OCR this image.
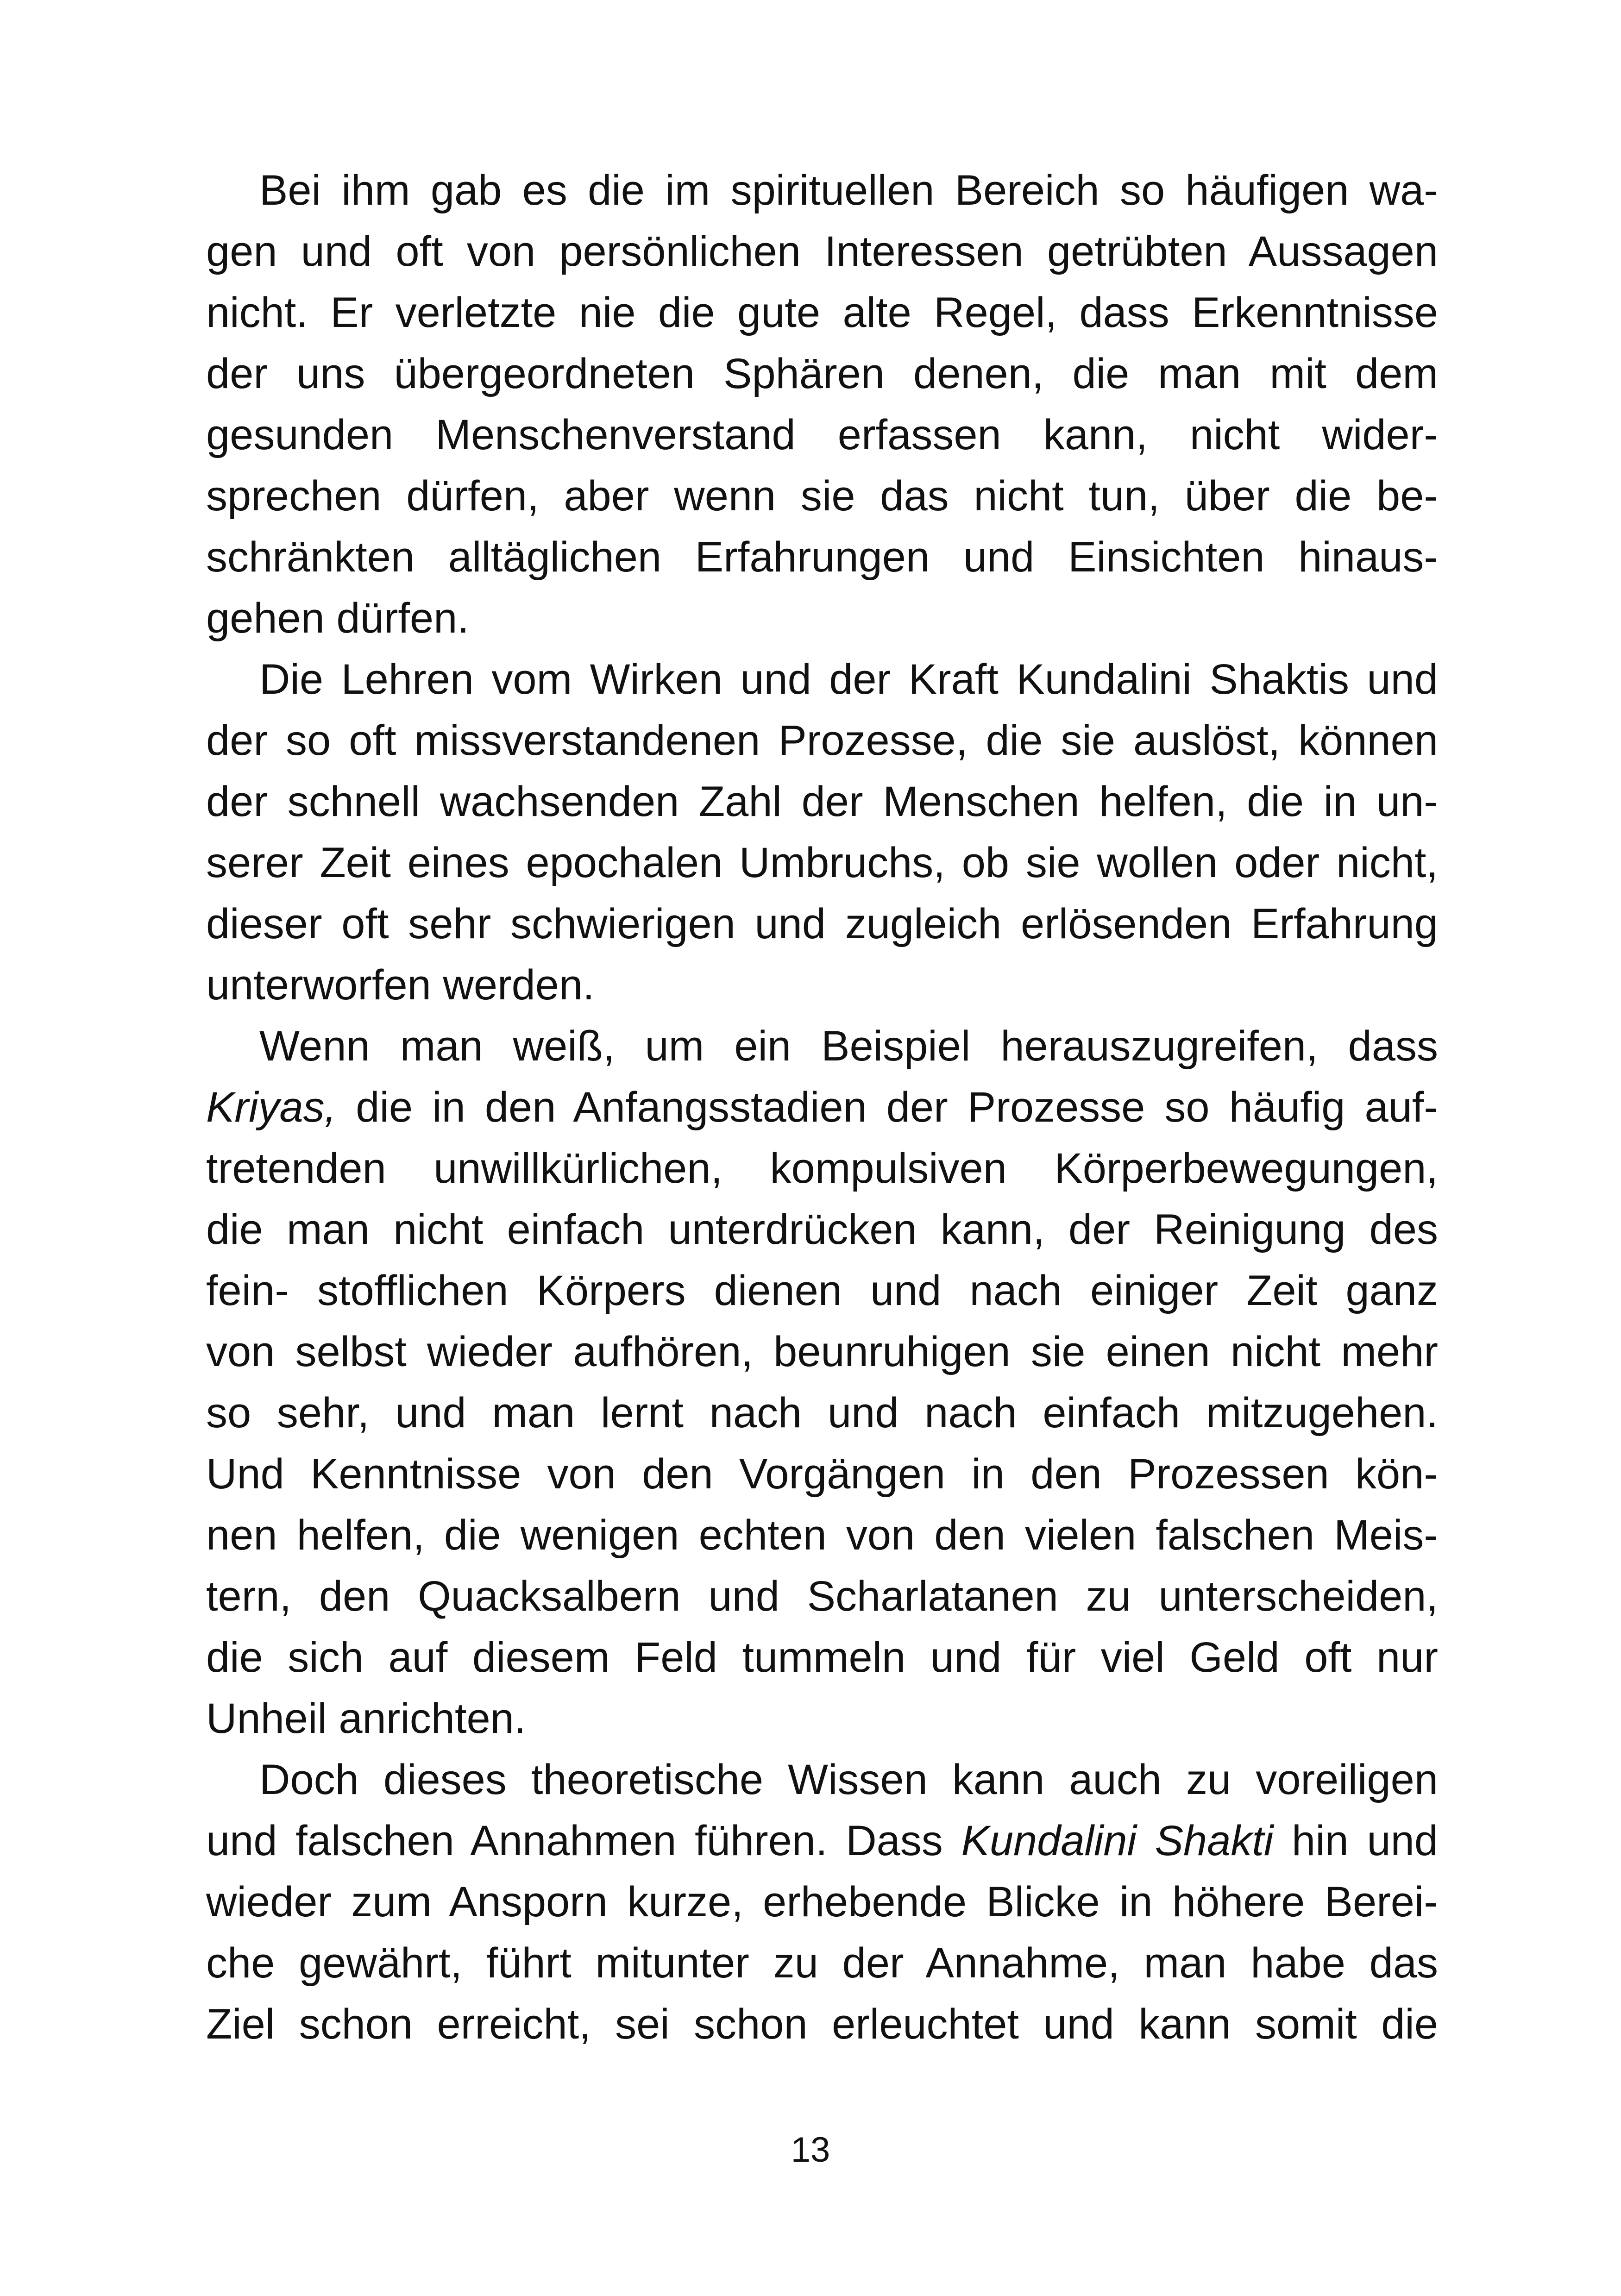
Bei ihm gab es die im spirituellen Bereich so häufigen wa-
gen und oft von persönlichen Interessen getrübten Aussagen
nicht. Er verletzte nie die gute alte Regel, dass Erkenntnisse
der uns übergeordneten Sphären denen, die man mit dem
gesunden Menschenverstand erfassen kann, nicht wider-
sprechen dürfen, aber wenn sie das nicht tun, über die be-
schränkten alltäglichen Erfahrungen und Einsichten hinaus-
gehen dürfen.

Die Lehren vom Wirken und der Kraft Kundalini Shaktis und
der so oft missverstandenen Prozesse, die sie auslöst, können
der schnell wachsenden Zahl der Menschen helfen, die in un-
serer Zeit eines epochalen Umbruchs, ob sie wollen oder nicht,
dieser oft sehr schwierigen und zugleich erlösenden Erfahrung
unterworfen werden.

Wenn man weiß, um ein Beispiel herauszugreifen, dass
Kriyas, die in den Anfangsstadien der Prozesse so häufig auf-
tretenden unwillkürlichen, kompulsiven Körperbewegungen,
die man nicht einfach unterdrücken kann, der Reinigung des
fein- stofflichen Körpers dienen und nach einiger Zeit ganz
von selbst wieder aufhören, beunruhigen sie einen nicht mehr
so sehr, und man lernt nach und nach einfach mitzugehen.
Und Kenntnisse von den Vorgängen in den Prozessen kön-
nen helfen, die wenigen echten von den vielen falschen Meis-
tern, den Quacksalbern und Scharlatanen zu unterscheiden,
die sich auf diesem Feld tummeln und für viel Geld oft nur
Unheil anrichten.

Doch dieses theoretische Wissen kann auch zu voreiligen
und falschen Annahmen führen. Dass Kundalini Shakti hin und
wieder zum Ansporn kurze, erhebende Blicke in höhere Berei-
che gewährt, führt mitunter zu der Annahme, man habe das
Ziel schon erreicht, sei schon erleuchtet und kann somit die

13
